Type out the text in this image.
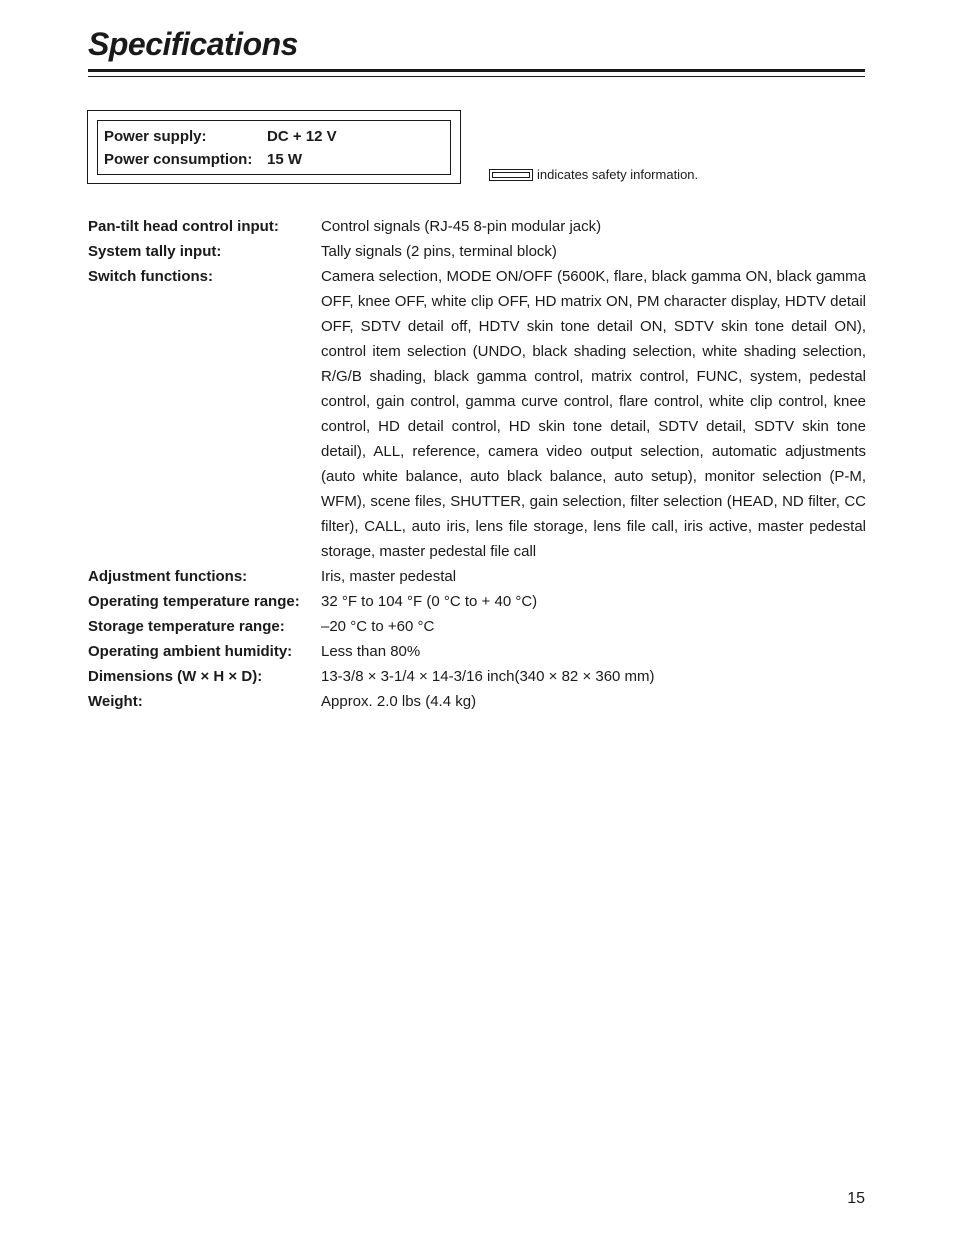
Specifications
Power supply:	DC + 12 V
Power consumption: 15 W
indicates safety information.
Pan-tilt head control input:	Control signals (RJ-45 8-pin modular jack)
System tally input:	Tally signals (2 pins, terminal block)
Switch functions:	Camera selection, MODE ON/OFF (5600K, flare, black gamma ON, black gamma OFF, knee OFF, white clip OFF, HD matrix ON, PM character display, HDTV detail OFF, SDTV detail off, HDTV skin tone detail ON, SDTV skin tone detail ON), control item selection (UNDO, black shading selection, white shading selection, R/G/B shading, black gamma control, matrix control, FUNC, system, pedestal control, gain control, gamma curve control, flare control, white clip control, knee control, HD detail control, HD skin tone detail, SDTV detail, SDTV skin tone detail), ALL, reference, camera video output selection, automatic adjustments (auto white balance, auto black balance, auto setup), monitor selection (P-M, WFM), scene files, SHUTTER, gain selection, filter selection (HEAD, ND filter, CC filter), CALL, auto iris, lens file storage, lens file call, iris active, master pedestal storage, master pedestal file call
Adjustment functions:	Iris, master pedestal
Operating temperature range:	32 °F to 104 °F (0 °C to + 40 °C)
Storage temperature range:	–20 °C to +60 °C
Operating ambient humidity:	Less than 80%
Dimensions (W × H × D):	13-3/8 × 3-1/4 × 14-3/16 inch(340 × 82 × 360 mm)
Weight:	Approx. 2.0 lbs (4.4 kg)
15
